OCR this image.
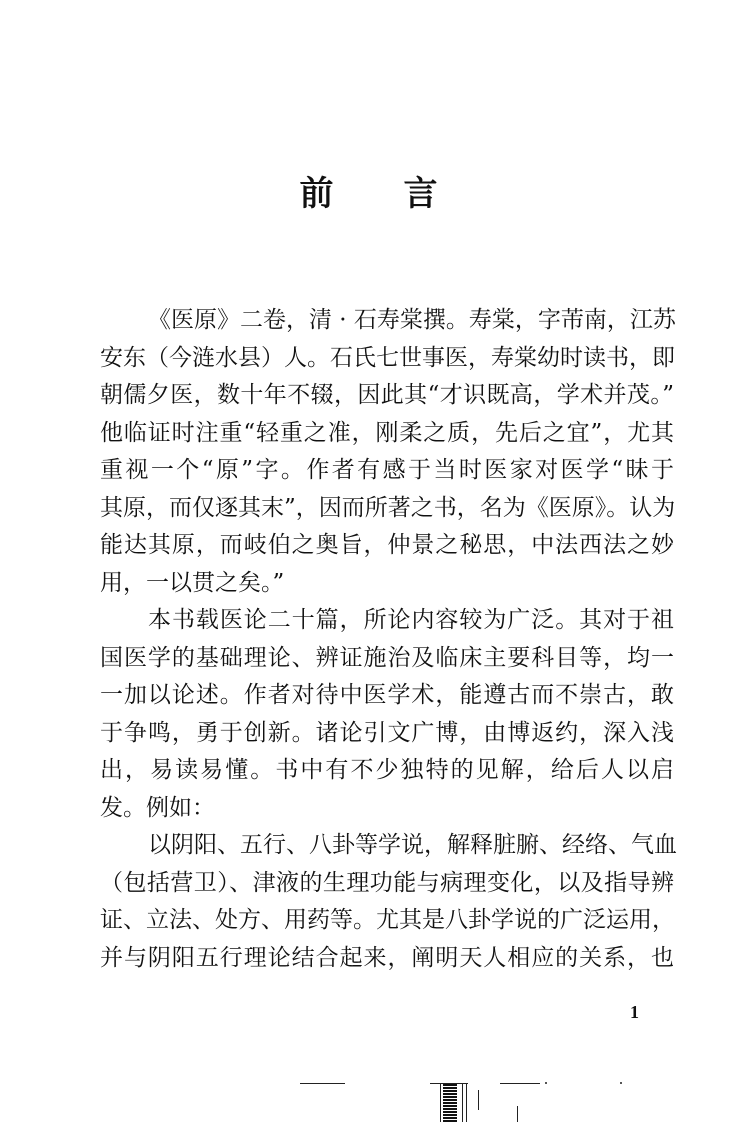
前 言
《医原》二卷，清 · 石寿棠撰。寿棠，字芾南，江苏
安东（今涟水县）人。石氏七世事医，寿棠幼时读书，即
朝儒夕医，数十年不辍，因此其“才识既高，学术并茂。”
他临证时注重“轻重之准，刚柔之质，先后之宜”，尤其
重视一个“原”字。作者有感于当时医家对医学“昧于
其原，而仅逐其末”，因而所著之书，名为《医原》。认为
能达其原，而岐伯之奥旨，仲景之秘思，中法西法之妙
用，一以贯之矣。”
本书载医论二十篇，所论内容较为广泛。其对于祖
国医学的基础理论、辨证施治及临床主要科目等，均一
一加以论述。作者对待中医学术，能遵古而不崇古，敢
于争鸣，勇于创新。诸论引文广博，由博返约，深入浅
出，易读易懂。书中有不少独特的见解，给后人以启
发。例如：
以阴阳、五行、八卦等学说，解释脏腑、经络、气血
（包括营卫）、津液的生理功能与病理变化，以及指导辨
证、立法、处方、用药等。尤其是八卦学说的广泛运用，
并与阴阳五行理论结合起来，阐明天人相应的关系，也
1
